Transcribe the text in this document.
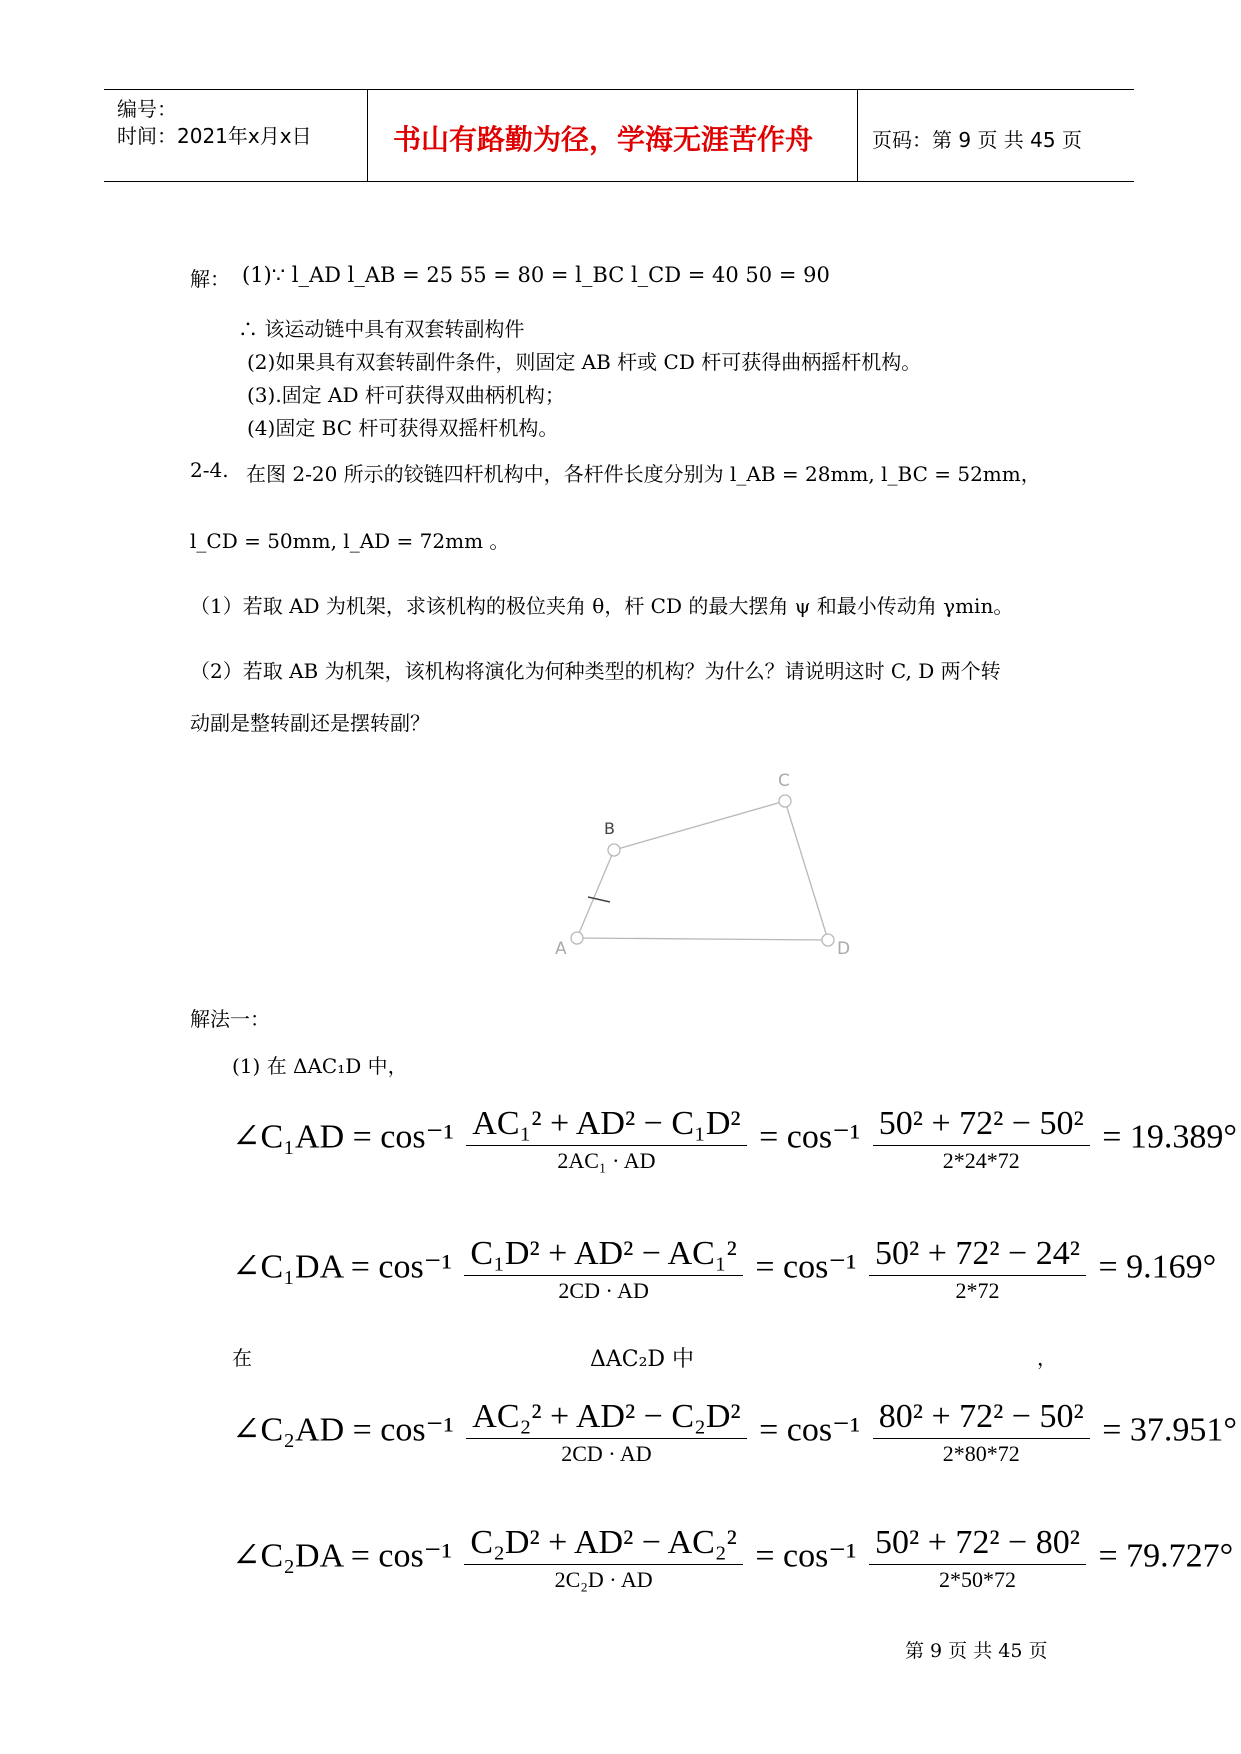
编号：
时间：2021年x月x日	书山有路勤为径，学海无涯苦作舟	页码：第 9 页 共 45 页
解： (1)∵ l_AD l_AB = 25 55 = 80 = l_BC l_CD = 40 50 = 90
∴ 该运动链中具有双套转副构件
(2)如果具有双套转副件条件，则固定 AB 杆或 CD 杆可获得曲柄摇杆机构。
(3).固定 AD 杆可获得双曲柄机构；
(4)固定 BC 杆可获得双摇杆机构。
2-4. 在图 2-20 所示的铰链四杆机构中，各杆件长度分别为 l_AB = 28mm, l_BC = 52mm，
l_CD = 50mm, l_AD = 72mm 。
（1）若取 AD 为机架，求该机构的极位夹角 θ，杆 CD 的最大摆角 ψ 和最小传动角 γmin。
（2）若取 AB 为机架，该机构将演化为何种类型的机构？为什么？请说明这时 C, D 两个转
动副是整转副还是摆转副？
A
B
C
D
解法一：
(1) 在 ΔAC₁D 中，
∠C₁AD = $\cos^{-1} \frac{\text{AC₁² + AD² − C₁D²}}{\text{2AC₁ · AD}} = \cos^{-1} \frac{\text{50² + 72² − 50²}}{2*24*72} = 19.389^\circ$
∠C₁DA = $\cos^{-1} \frac{\text{C₁D² + AD² − AC₁²}}{2CD \cdot AD} = \cos^{-1} \frac{\text{50² + 72² − 24²}}{2*72} = 9.169^\circ$
在	ΔAC₂D 中	，
∠C₂AD = $\cos^{-1} \frac{\text{AC₂² + AD² − C₂D²}}{2CD \cdot AD} = \cos^{-1} \frac{\text{80² + 72² − 50²}}{2*80*72} = 37.951^\circ$
∠C₂DA = $\cos^{-1} \frac{\text{C₂D² + AD² − AC₂²}}{\text{2C₂D · AD}} = \cos^{-1} \frac{\text{50² + 72² − 80²}}{2*50*72} = 79.727^\circ$
第 9 页 共 45 页
